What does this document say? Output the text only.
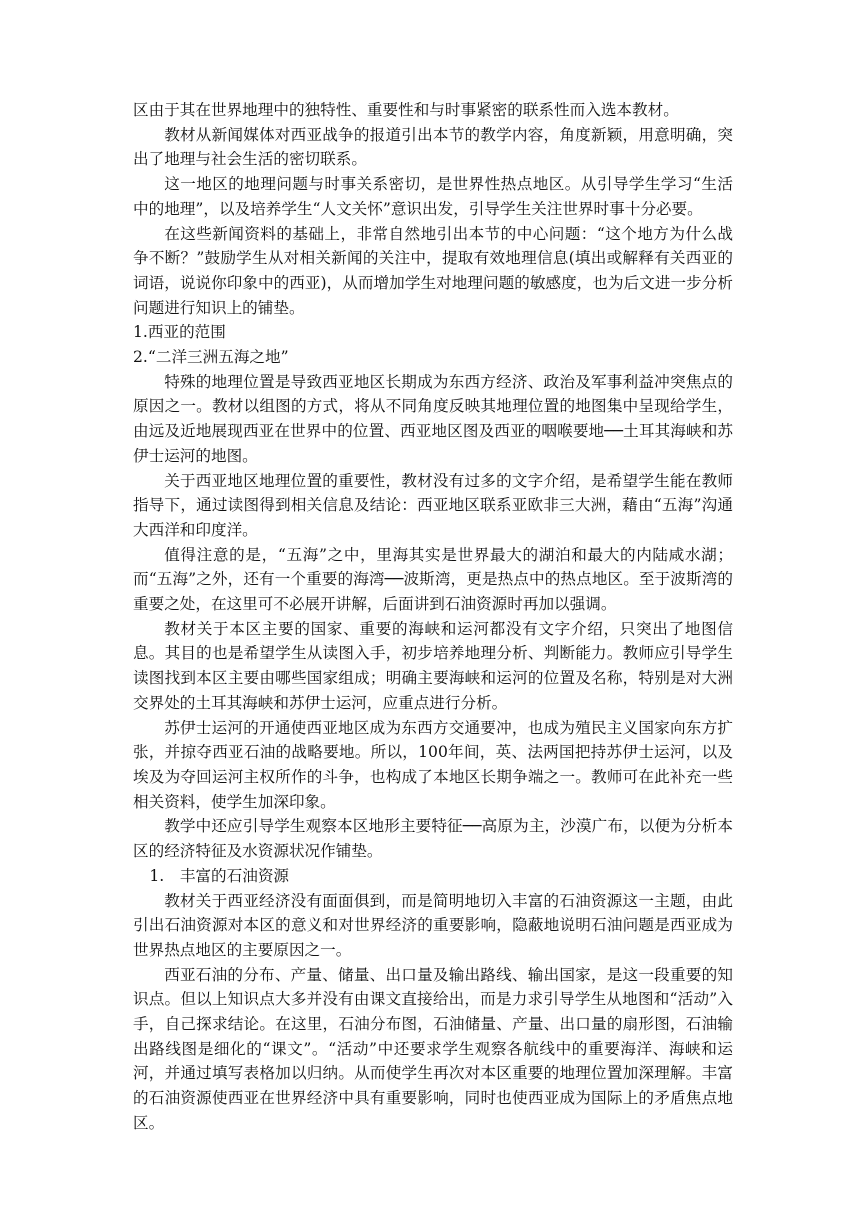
区由于其在世界地理中的独特性、重要性和与时事紧密的联系性而入选本教材。

教材从新闻媒体对西亚战争的报道引出本节的教学内容，角度新颖，用意明确，突出了地理与社会生活的密切联系。

这一地区的地理问题与时事关系密切，是世界性热点地区。从引导学生学习“生活中的地理”，以及培养学生“人文关怀”意识出发，引导学生关注世界时事十分必要。

在这些新闻资料的基础上，非常自然地引出本节的中心问题：“这个地方为什么战争不断？”鼓励学生从对相关新闻的关注中，提取有效地理信息(填出或解释有关西亚的词语，说说你印象中的西亚)，从而增加学生对地理问题的敏感度，也为后文进一步分析问题进行知识上的铺垫。

1.西亚的范围

2.“二洋三洲五海之地”

特殊的地理位置是导致西亚地区长期成为东西方经济、政治及军事利益冲突焦点的原因之一。教材以组图的方式，将从不同角度反映其地理位置的地图集中呈现给学生，由远及近地展现西亚在世界中的位置、西亚地区图及西亚的咽喉要地──土耳其海峡和苏伊士运河的地图。

关于西亚地区地理位置的重要性，教材没有过多的文字介绍，是希望学生能在教师指导下，通过读图得到相关信息及结论：西亚地区联系亚欧非三大洲，藉由“五海”沟通大西洋和印度洋。

值得注意的是，“五海”之中，里海其实是世界最大的湖泊和最大的内陆咸水湖；而“五海”之外，还有一个重要的海湾──波斯湾，更是热点中的热点地区。至于波斯湾的重要之处，在这里可不必展开讲解，后面讲到石油资源时再加以强调。

教材关于本区主要的国家、重要的海峡和运河都没有文字介绍，只突出了地图信息。其目的也是希望学生从读图入手，初步培养地理分析、判断能力。教师应引导学生读图找到本区主要由哪些国家组成；明确主要海峡和运河的位置及名称，特别是对大洲交界处的土耳其海峡和苏伊士运河，应重点进行分析。

苏伊士运河的开通使西亚地区成为东西方交通要冲，也成为殖民主义国家向东方扩张，并掠夺西亚石油的战略要地。所以，100年间，英、法两国把持苏伊士运河，以及埃及为夺回运河主权所作的斗争，也构成了本地区长期争端之一。教师可在此补充一些相关资料，使学生加深印象。

教学中还应引导学生观察本区地形主要特征──高原为主，沙漠广布，以便为分析本区的经济特征及水资源状况作铺垫。

1.　丰富的石油资源

教材关于西亚经济没有面面俱到，而是简明地切入丰富的石油资源这一主题，由此引出石油资源对本区的意义和对世界经济的重要影响，隐蔽地说明石油问题是西亚成为世界热点地区的主要原因之一。

西亚石油的分布、产量、储量、出口量及输出路线、输出国家，是这一段重要的知识点。但以上知识点大多并没有由课文直接给出，而是力求引导学生从地图和“活动”入手，自己探求结论。在这里，石油分布图，石油储量、产量、出口量的扇形图，石油输出路线图是细化的“课文”。“活动”中还要求学生观察各航线中的重要海洋、海峡和运河，并通过填写表格加以归纳。从而使学生再次对本区重要的地理位置加深理解。丰富的石油资源使西亚在世界经济中具有重要影响，同时也使西亚成为国际上的矛盾焦点地区。
